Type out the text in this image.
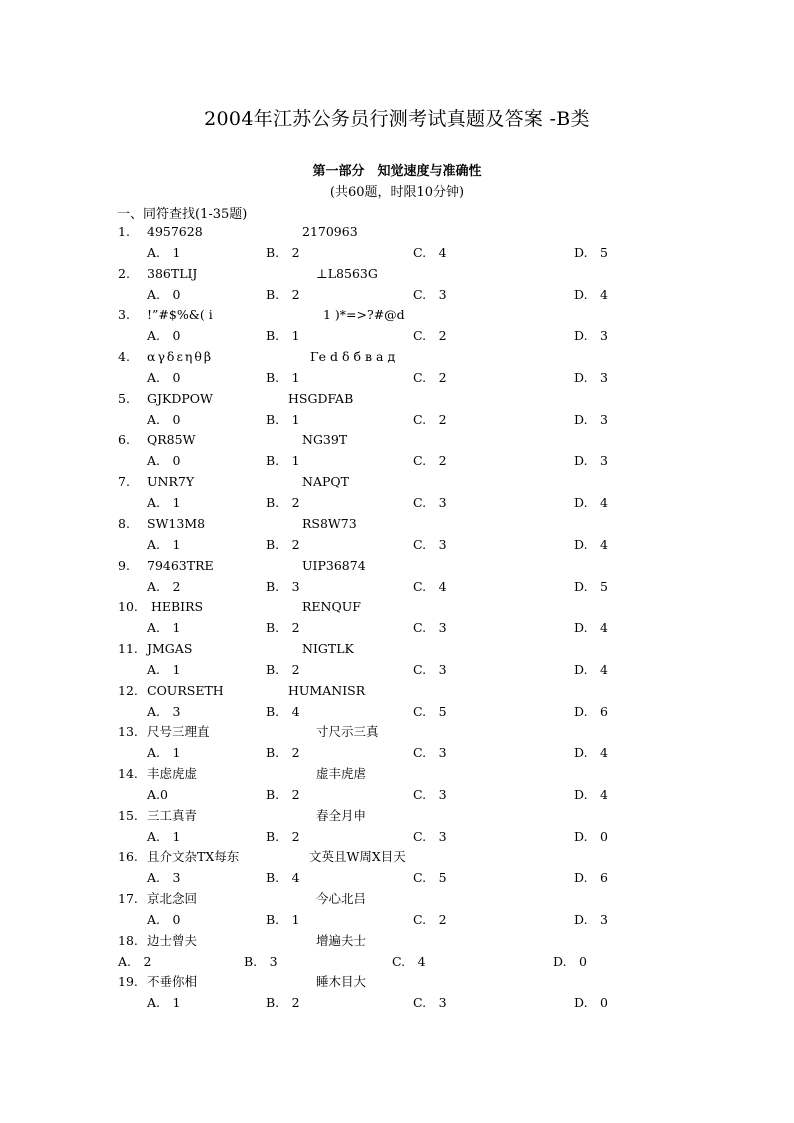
2004年江苏公务员行测考试真题及答案 -B类
第一部分　知觉速度与准确性
(共60题，时限10分钟)
一、同符查找(1-35题)
1. 4957628	2170963
A.　1	B.　2	C.　4	D.　5
2. 386TLIJ	⊥L8563G
A.　0	B.　2	C.　3	D.　4
3. !”#$%&( i	1 )*=>?#@d
A.　0	B.　1	C.　2	D.　3
4. αγδεηθβ	Γe d δ б в а д
A.　0	B.　1	C.　2	D.　3
5. GJKDPOW	HSGDFAB
A.　0	B.　1	C.　2	D.　3
6. QR85W	NG39T
A.　0	B.　1	C.　2	D.　3
7. UNR7Y	NAPQT
A.　1	B.　2	C.　3	D.　4
8. SW13M8	RS8W73
A.　1	B.　2	C.　3	D.　4
9. 79463TRE	UIP36874
A.　2	B.　3	C.　4	D.　5
10. HEBIRS	RENQUF
A.　1	B.　2	C.　3	D.　4
11. JMGAS	NIGTLK
A.　1	B.　2	C.　3	D.　4
12. COURSETH	HUMANISR
A.　3	B.　4	C.　5	D.　6
13. 尺号三理直	寸尺示三真
A.　1	B.　2	C.　3	D.　4
14. 丰虑虎虚	虚丰虎虐
A.0	B.　2	C.　3	D.　4
15. 三工真青	春全月申
A.　1	B.　2	C.　3	D.　0
16. 且介文杂TX每东	文英且W周X目天
A.　3	B.　4	C.　5	D.　6
17. 京北念回	今心北吕
A.　0	B.　1	C.　2	D.　3
18. 边士曾夫	增遍夫士
A.　2	B.　3	C.　4	D.　0
19. 不垂你相	睡木目大
A.　1	B.　2	C.　3	D.　0
